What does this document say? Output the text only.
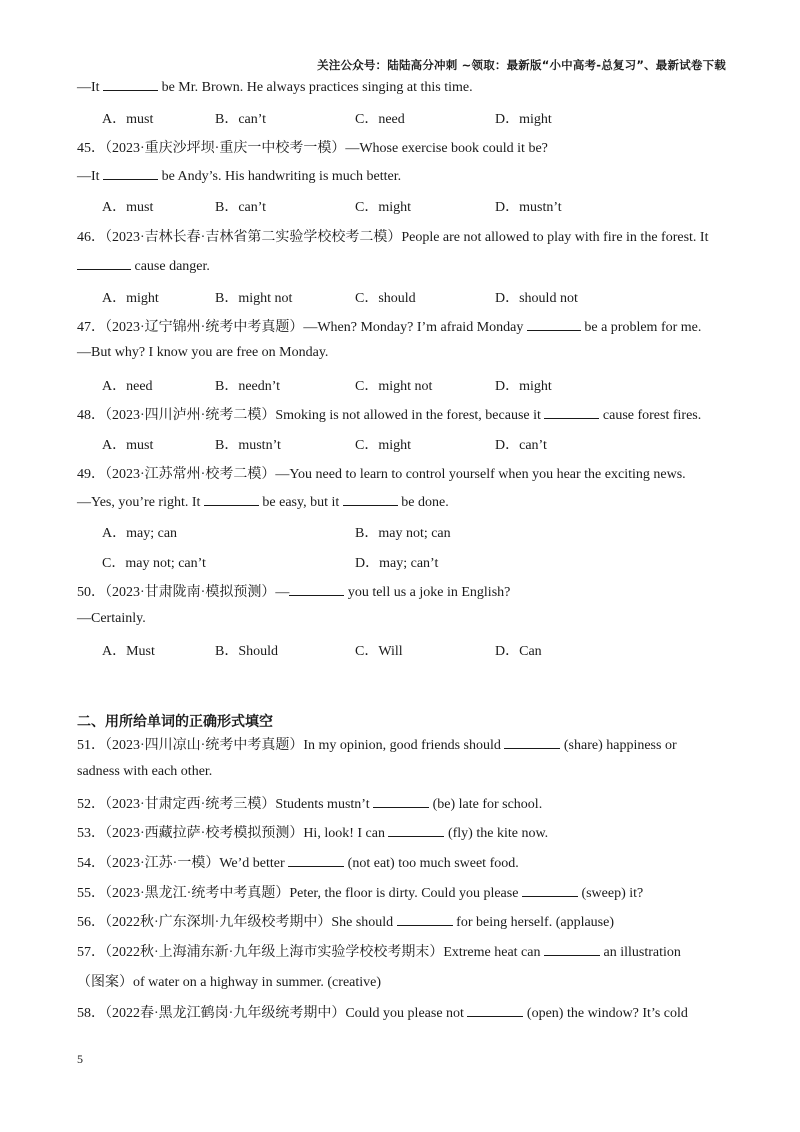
关注公众号：陆陆高分冲刺 ~领取：最新版“小中高考-总复习”、最新试卷下载
—It	be Mr. Brown. He always practices singing at this time.
A．must	B．can’t	C．need	D．might
45．（2023·重庆沙坪坝·重庆一中校考一模）—Whose exercise book could it be?
—It	be Andy’s. His handwriting is much better.
A．must	B．can’t	C．might	D．mustn’t
46．（2023·吉林长春·吉林省第二实验学校校考二模）People are not allowed to play with fire in the forest. It
cause danger.
A．might	B．might not	C．should	D．should not
47．（2023·辽宁锦州·统考中考真题）—When? Monday? I’m afraid Monday	be a problem for me.
—But why? I know you are free on Monday.
A．need	B．needn’t	C．might not	D．might
48．（2023·四川泸州·统考二模）Smoking is not allowed in the forest, because it	cause forest fires.
A．must	B．mustn’t	C．might	D．can’t
49．（2023·江苏常州·校考二模）—You need to learn to control yourself when you hear the exciting news.
—Yes, you’re right. It	be easy, but it	be done.
A．may; can	B．may not; can
C．may not; can’t	D．may; can’t
50．（2023·甘肃陇南·模拟预测）—	you tell us a joke in English?
—Certainly.
A．Must	B．Should	C．Will	D．Can
二、用所给单词的正确形式填空
51．（2023·四川凉山·统考中考真题）In my opinion, good friends should	(share) happiness or
sadness with each other.
52．（2023·甘肃定西·统考三模）Students mustn’t	(be) late for school.
53．（2023·西藏拉萨·校考模拟预测）Hi, look! I can	(fly) the kite now.
54．（2023·江苏·一模）We’d better	(not eat) too much sweet food.
55．（2023·黑龙江·统考中考真题）Peter, the floor is dirty. Could you please	(sweep) it?
56．（2022秋·广东深圳·九年级校考期中）She should	for being herself. (applause)
57．（2022秋·上海浦东新·九年级上海市实验学校校考期末）Extreme heat can	an illustration
（图案）of water on a highway in summer. (creative)
58．（2022春·黑龙江鹤岗·九年级统考期中）Could you please not	(open) the window? It’s cold
5
